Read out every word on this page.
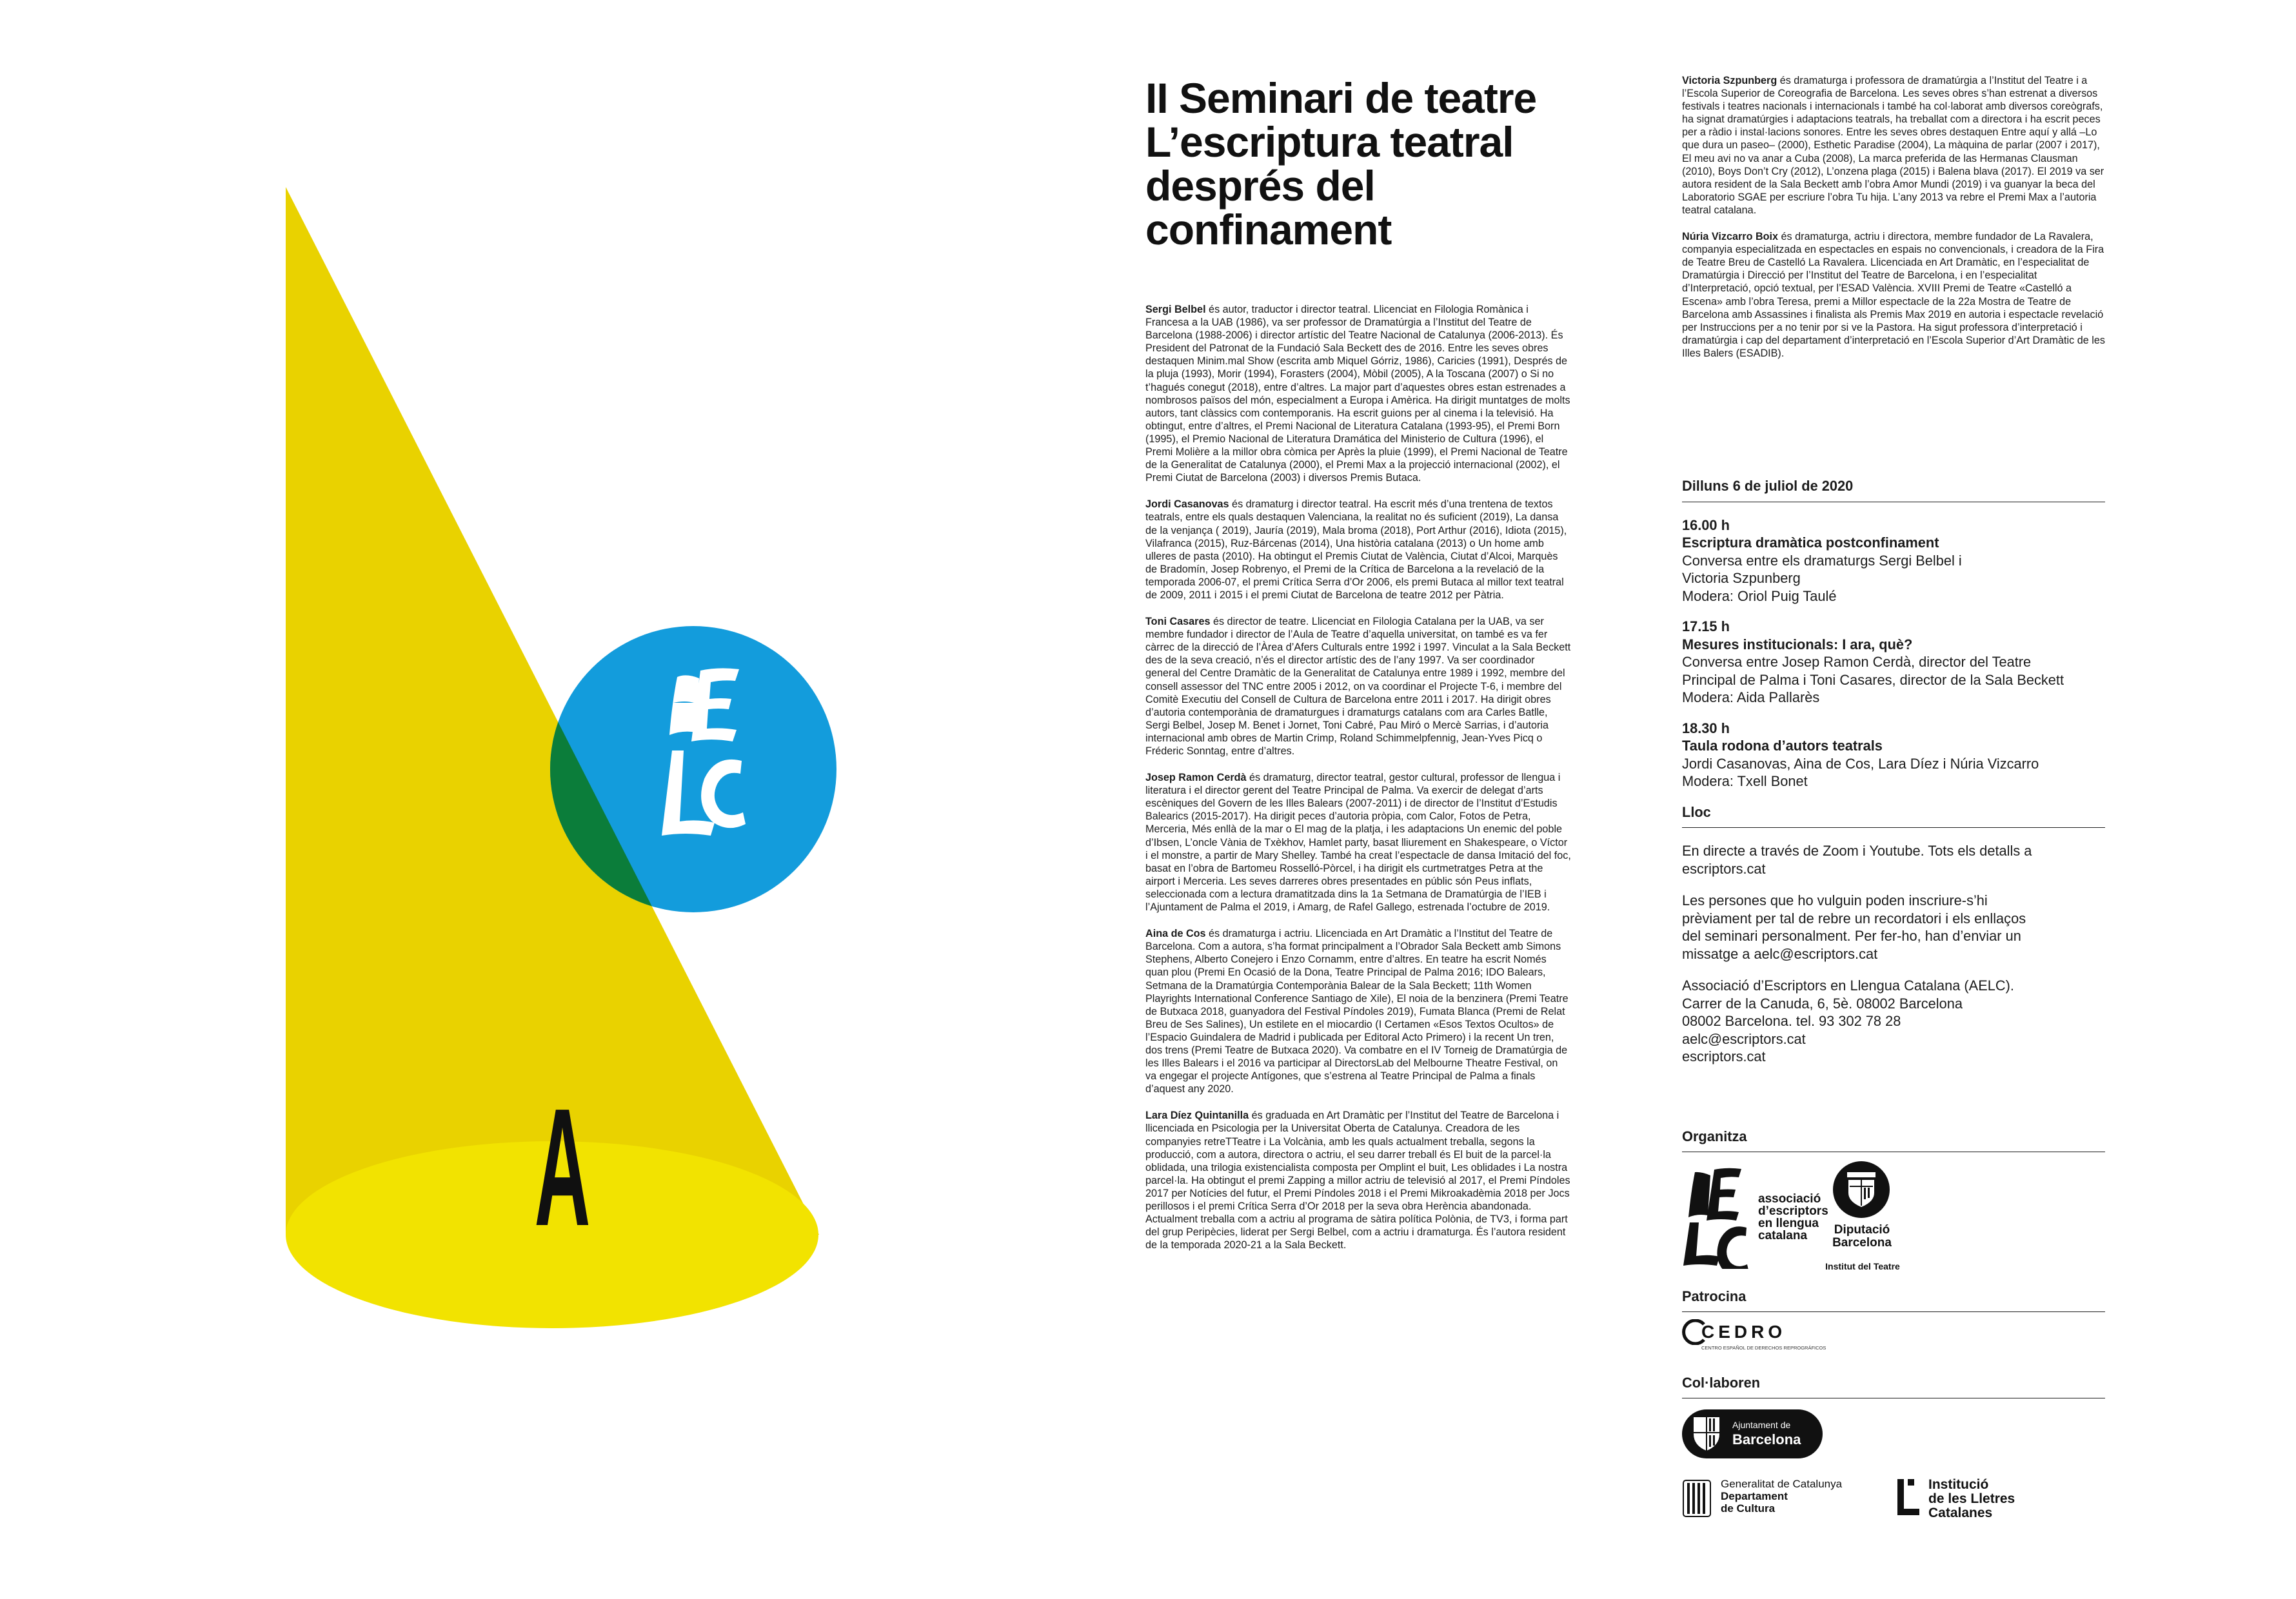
A
II Seminari de teatre
L’escriptura teatral
després del
confinament

Sergi Belbel és autor, traductor i director teatral. Llicenciat en Filologia Romànica i Francesa a la UAB (1986), va ser professor de Dramatúrgia a l’Institut del Teatre de Barcelona (1988-2006) i director artístic del Teatre Nacional de Catalunya (2006-2013). És President del Patronat de la Fundació Sala Beckett des de 2016. Entre les seves obres destaquen Minim.mal Show (escrita amb Miquel Górriz, 1986), Caricies (1991), Després de la pluja (1993), Morir (1994), Forasters (2004), Mòbil (2005), A la Toscana (2007) o Si no t’hagués conegut (2018), entre d’altres. La major part d’aquestes obres estan estrenades a nombrosos països del món, especialment a Europa i Amèrica. Ha dirigit muntatges de molts autors, tant clàssics com contemporanis. Ha escrit guions per al cinema i la televisió. Ha obtingut, entre d’altres, el Premi Nacional de Literatura Catalana (1993-95), el Premi Born (1995), el Premio Nacional de Literatura Dramática del Ministerio de Cultura (1996), el Premi Molière a la millor obra còmica per Après la pluie (1999), el Premi Nacional de Teatre de la Generalitat de Catalunya (2000), el Premi Max a la projecció internacional (2002), el Premi Ciutat de Barcelona (2003) i diversos Premis Butaca.

Jordi Casanovas és dramaturg i director teatral. Ha escrit més d’una trentena de textos teatrals, entre els quals destaquen Valenciana, la realitat no és suficient (2019), La dansa de la venjança ( 2019), Jauría (2019), Mala broma (2018), Port Arthur (2016), Idiota (2015), Vilafranca (2015), Ruz-Bárcenas (2014), Una història catalana (2013) o Un home amb ulleres de pasta (2010). Ha obtingut el Premis Ciutat de València, Ciutat d’Alcoi, Marquès de Bradomín, Josep Robrenyo, el Premi de la Crítica de Barcelona a la revelació de la temporada 2006-07, el premi Crítica Serra d’Or 2006, els premi Butaca al millor text teatral de 2009, 2011 i 2015 i el premi Ciutat de Barcelona de teatre 2012 per Pàtria.

Toni Casares és director de teatre. Llicenciat en Filologia Catalana per la UAB, va ser membre fundador i director de l’Aula de Teatre d’aquella universitat, on també es va fer càrrec de la direcció de l’Àrea d’Afers Culturals entre 1992 i 1997. Vinculat a la Sala Beckett des de la seva creació, n’és el director artístic des de l’any 1997. Va ser coordinador general del Centre Dramàtic de la Generalitat de Catalunya entre 1989 i 1992, membre del consell assessor del TNC entre 2005 i 2012, on va coordinar el Projecte T-6, i membre del Comitè Executiu del Consell de Cultura de Barcelona entre 2011 i 2017. Ha dirigit obres d’autoria contemporània de dramaturgues i dramaturgs catalans com ara Carles Batlle, Sergi Belbel, Josep M. Benet i Jornet, Toni Cabré, Pau Miró o Mercè Sarrias, i d’autoria internacional amb obres de Martin Crimp, Roland Schimmelpfennig, Jean-Yves Picq o Fréderic Sonntag, entre d’altres.

Josep Ramon Cerdà és dramaturg, director teatral, gestor cultural, professor de llengua i literatura i el director gerent del Teatre Principal de Palma. Va exercir de delegat d’arts escèniques del Govern de les Illes Balears (2007-2011) i de director de l’Institut d’Estudis Balearics (2015-2017). Ha dirigit peces d’autoria pròpia, com Calor, Fotos de Petra, Merceria, Més enllà de la mar o El mag de la platja, i les adaptacions Un enemic del poble d’Ibsen, L’oncle Vània de Txèkhov, Hamlet party, basat lliurement en Shakespeare, o Víctor i el monstre, a partir de Mary Shelley. També ha creat l’espectacle de dansa Imitació del foc, basat en l’obra de Bartomeu Rosselló-Pòrcel, i ha dirigit els curtmetratges Petra at the airport i Merceria. Les seves darreres obres presentades en públic són Peus inflats, seleccionada com a lectura dramatitzada dins la 1a Setmana de Dramatúrgia de l’IEB i l’Ajuntament de Palma el 2019, i Amarg, de Rafel Gallego, estrenada l’octubre de 2019.

Aina de Cos és dramaturga i actriu. Llicenciada en Art Dramàtic a l’Institut del Teatre de Barcelona. Com a autora, s’ha format principalment a l’Obrador Sala Beckett amb Simons Stephens, Alberto Conejero i Enzo Cornamm, entre d’altres. En teatre ha escrit Només quan plou (Premi En Ocasió de la Dona, Teatre Principal de Palma 2016; IDO Balears, Setmana de la Dramatúrgia Contemporània Balear de la Sala Beckett; 11th Women Playrights International Conference Santiago de Xile), El noia de la benzinera (Premi Teatre de Butxaca 2018, guanyadora del Festival Píndoles 2019), Fumata Blanca (Premi de Relat Breu de Ses Salines), Un estilete en el miocardio (I Certamen «Esos Textos Ocultos» de l’Espacio Guindalera de Madrid i publicada per Editoral Acto Primero) i la recent Un tren, dos trens (Premi Teatre de Butxaca 2020). Va combatre en el IV Torneig de Dramatúrgia de les Illes Balears i el 2016 va participar al DirectorsLab del Melbourne Theatre Festival, on va engegar el projecte Antígones, que s’estrena al Teatre Principal de Palma a finals d’aquest any 2020.

Lara Díez Quintanilla és graduada en Art Dramàtic per l’Institut del Teatre de Barcelona i llicenciada en Psicologia per la Universitat Oberta de Catalunya. Creadora de les companyies retreTTeatre i La Volcània, amb les quals actualment treballa, segons la producció, com a autora, directora o actriu, el seu darrer treball és El buit de la parcel·la oblidada, una trilogia existencialista composta per Omplint el buit, Les oblidades i La nostra parcel·la. Ha obtingut el premi Zapping a millor actriu de televisió al 2017, el Premi Píndoles 2017 per Notícies del futur, el Premi Píndoles 2018 i el Premi Mikroakadèmia 2018 per Jocs perillosos i el premi Crítica Serra d’Or 2018 per la seva obra Herència abandonada. Actualment treballa com a actriu al programa de sàtira política Polònia, de TV3, i forma part del grup Peripècies, liderat per Sergi Belbel, com a actriu i dramaturga. És l’autora resident de la temporada 2020-21 a la Sala Beckett.

Victoria Szpunberg és dramaturga i professora de dramatúrgia a l’Institut del Teatre i a l’Escola Superior de Coreografia de Barcelona. Les seves obres s’han estrenat a diversos festivals i teatres nacionals i internacionals i també ha col·laborat amb diversos coreògrafs, ha signat dramatúrgies i adaptacions teatrals, ha treballat com a directora i ha escrit peces per a ràdio i instal·lacions sonores. Entre les seves obres destaquen Entre aquí y allá –Lo que dura un paseo– (2000), Esthetic Paradise (2004), La màquina de parlar (2007 i 2017), El meu avi no va anar a Cuba (2008), La marca preferida de las Hermanas Clausman (2010), Boys Don’t Cry (2012), L’onzena plaga (2015) i Balena blava (2017). El 2019 va ser autora resident de la Sala Beckett amb l’obra Amor Mundi (2019) i va guanyar la beca del Laboratorio SGAE per escriure l’obra Tu hija. L’any 2013 va rebre el Premi Max a l’autoria teatral catalana.

Núria Vizcarro Boix és dramaturga, actriu i directora, membre fundador de La Ravalera, companyia especialitzada en espectacles en espais no convencionals, i creadora de la Fira de Teatre Breu de Castelló La Ravalera. Llicenciada en Art Dramàtic, en l’especialitat de Dramatúrgia i Direcció per l’Institut del Teatre de Barcelona, i en l’especialitat d’Interpretació, opció textual, per l’ESAD València. XVIII Premi de Teatre «Castelló a Escena» amb l’obra Teresa, premi a Millor espectacle de la 22a Mostra de Teatre de Barcelona amb Assassines i finalista als Premis Max 2019 en autoria i espectacle revelació per Instruccions per a no tenir por si ve la Pastora. Ha sigut professora d’interpretació i dramatúrgia i cap del departament d’interpretació en l’Escola Superior d’Art Dramàtic de les Illes Balers (ESADIB).

Dilluns 6 de juliol de 2020
16.00 h
Escriptura dramàtica postconfinament
Conversa entre els dramaturgs Sergi Belbel i
Victoria Szpunberg
Modera: Oriol Puig Taulé
17.15 h
Mesures institucionals: I ara, què?
Conversa entre Josep Ramon Cerdà, director del Teatre
Principal de Palma i Toni Casares, director de la Sala Beckett
Modera: Aida Pallarès
18.30 h
Taula rodona d’autors teatrals
Jordi Casanovas, Aina de Cos, Lara Díez i Núria Vizcarro
Modera: Txell Bonet
Lloc
En directe a través de Zoom i Youtube. Tots els detalls a
escriptors.cat
Les persones que ho vulguin poden inscriure-s’hi
prèviament per tal de rebre un recordatori i els enllaços
del seminari personalment. Per fer-ho, han d’enviar un
missatge a aelc@escriptors.cat
Associació d’Escriptors en Llengua Catalana (AELC).
Carrer de la Canuda, 6, 5è. 08002 Barcelona
08002 Barcelona. tel. 93 302 78 28
aelc@escriptors.cat
escriptors.cat
Organitza
associació
d’escriptors
en llengua
catalana	Diputació
Barcelona
Institut del Teatre
Patrocina
CEDRO
CENTRO ESPAÑOL DE DERECHOS REPROGRÁFICOS
Col·laboren
Ajuntament de
Barcelona
Generalitat de Catalunya
Departament
de Cultura
Institució
de les Lletres
Catalanes
